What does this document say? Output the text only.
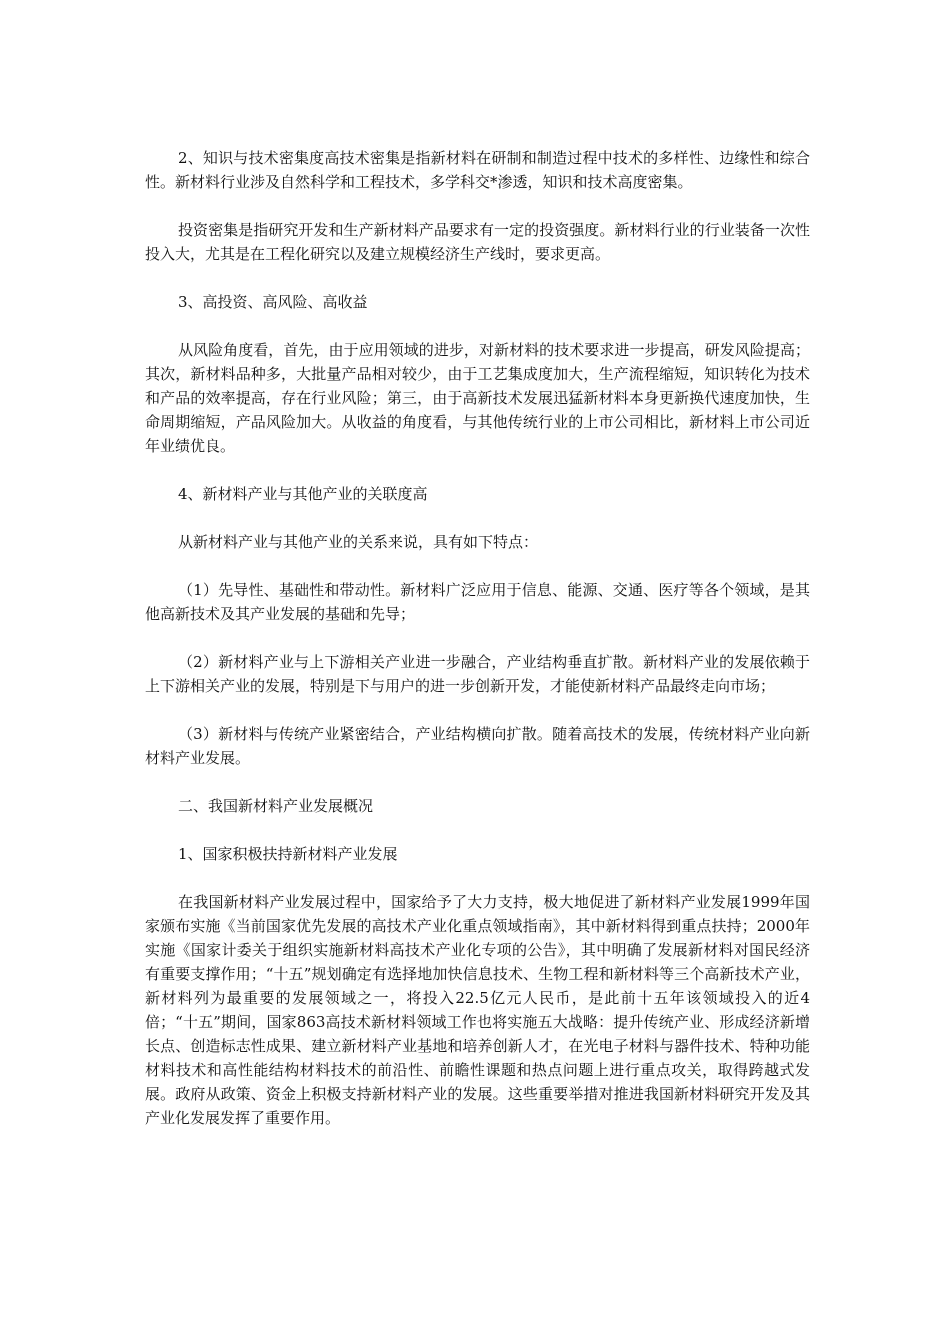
2、知识与技术密集度高技术密集是指新材料在研制和制造过程中技术的多样性、边缘性和综合性。新材料行业涉及自然科学和工程技术，多学科交*渗透，知识和技术高度密集。

投资密集是指研究开发和生产新材料产品要求有一定的投资强度。新材料行业的行业装备一次性投入大，尤其是在工程化研究以及建立规模经济生产线时，要求更高。

3、高投资、高风险、高收益

从风险角度看，首先，由于应用领域的进步，对新材料的技术要求进一步提高，研发风险提高；其次，新材料品种多，大批量产品相对较少，由于工艺集成度加大，生产流程缩短，知识转化为技术和产品的效率提高，存在行业风险；第三，由于高新技术发展迅猛新材料本身更新换代速度加快，生命周期缩短，产品风险加大。从收益的角度看，与其他传统行业的上市公司相比，新材料上市公司近年业绩优良。

4、新材料产业与其他产业的关联度高

从新材料产业与其他产业的关系来说，具有如下特点：

（1）先导性、基础性和带动性。新材料广泛应用于信息、能源、交通、医疗等各个领域，是其他高新技术及其产业发展的基础和先导；

（2）新材料产业与上下游相关产业进一步融合，产业结构垂直扩散。新材料产业的发展依赖于上下游相关产业的发展，特别是下与用户的进一步创新开发，才能使新材料产品最终走向市场；

（3）新材料与传统产业紧密结合，产业结构横向扩散。随着高技术的发展，传统材料产业向新材料产业发展。

二、我国新材料产业发展概况

1、国家积极扶持新材料产业发展

在我国新材料产业发展过程中，国家给予了大力支持，极大地促进了新材料产业发展1999年国家颁布实施《当前国家优先发展的高技术产业化重点领域指南》，其中新材料得到重点扶持；2000年实施《国家计委关于组织实施新材料高技术产业化专项的公告》，其中明确了发展新材料对国民经济有重要支撑作用；“十五”规划确定有选择地加快信息技术、生物工程和新材料等三个高新技术产业，新材料列为最重要的发展领域之一，将投入22.5亿元人民币，是此前十五年该领域投入的近4倍；“十五”期间，国家863高技术新材料领域工作也将实施五大战略：提升传统产业、形成经济新增长点、创造标志性成果、建立新材料产业基地和培养创新人才，在光电子材料与器件技术、特种功能材料技术和高性能结构材料技术的前沿性、前瞻性课题和热点问题上进行重点攻关，取得跨越式发展。政府从政策、资金上积极支持新材料产业的发展。这些重要举措对推进我国新材料研究开发及其产业化发展发挥了重要作用。
